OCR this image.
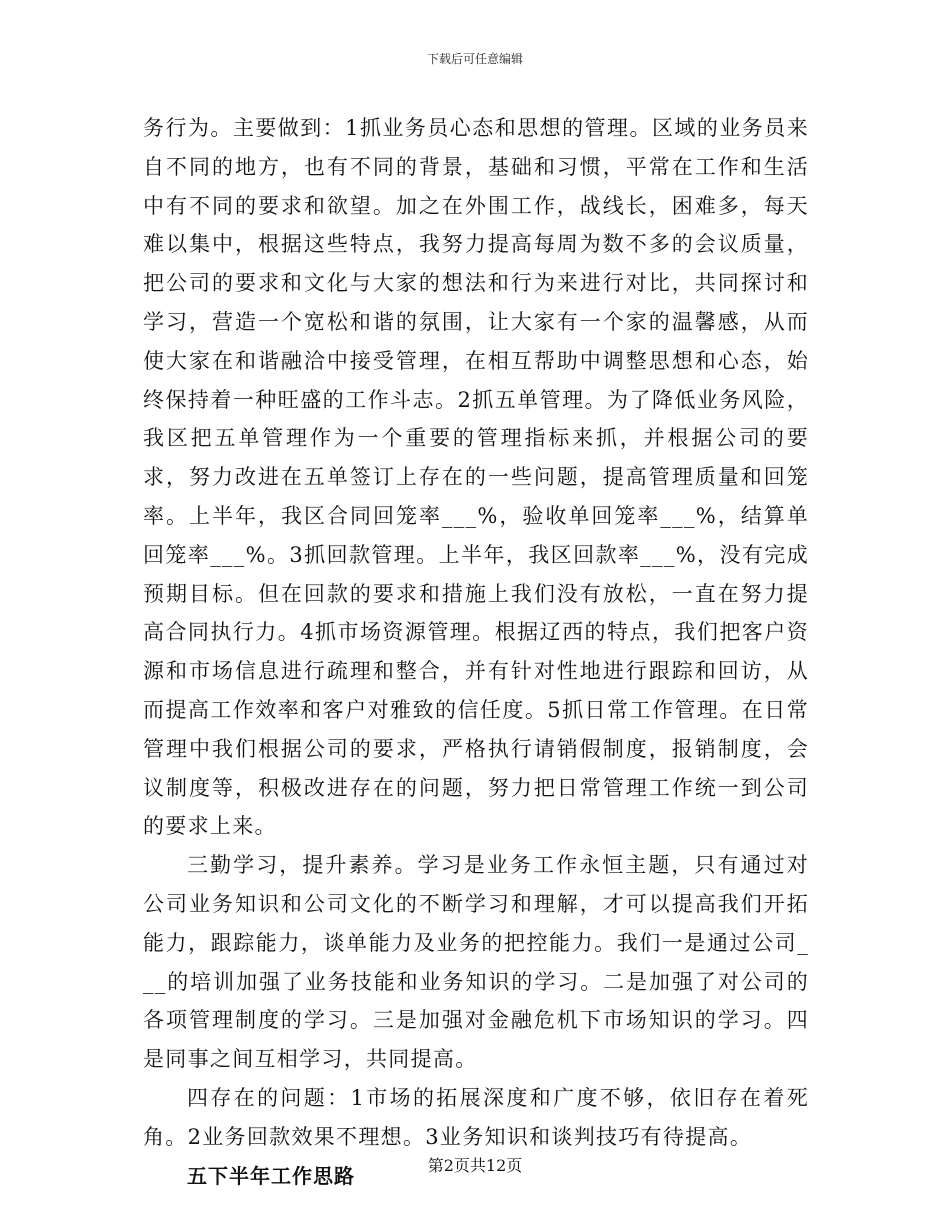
下载后可任意编辑

务行为。主要做到：1抓业务员心态和思想的管理。区域的业务员来自不同的地方，也有不同的背景，基础和习惯，平常在工作和生活中有不同的要求和欲望。加之在外围工作，战线长，困难多，每天难以集中，根据这些特点，我努力提高每周为数不多的会议质量，把公司的要求和文化与大家的想法和行为来进行对比，共同探讨和学习，营造一个宽松和谐的氛围，让大家有一个家的温馨感，从而使大家在和谐融洽中接受管理，在相互帮助中调整思想和心态，始终保持着一种旺盛的工作斗志。2抓五单管理。为了降低业务风险，我区把五单管理作为一个重要的管理指标来抓，并根据公司的要求，努力改进在五单签订上存在的一些问题，提高管理质量和回笼率。上半年，我区合同回笼率___%，验收单回笼率___%，结算单回笼率___%。3抓回款管理。上半年，我区回款率___%，没有完成预期目标。但在回款的要求和措施上我们没有放松，一直在努力提高合同执行力。4抓市场资源管理。根据辽西的特点，我们把客户资源和市场信息进行疏理和整合，并有针对性地进行跟踪和回访，从而提高工作效率和客户对雅致的信任度。5抓日常工作管理。在日常管理中我们根据公司的要求，严格执行请销假制度，报销制度，会议制度等，积极改进存在的问题，努力把日常管理工作统一到公司的要求上来。

三勤学习，提升素养。学习是业务工作永恒主题，只有通过对公司业务知识和公司文化的不断学习和理解，才可以提高我们开拓能力，跟踪能力，谈单能力及业务的把控能力。我们一是通过公司___的培训加强了业务技能和业务知识的学习。二是加强了对公司的各项管理制度的学习。三是加强对金融危机下市场知识的学习。四是同事之间互相学习，共同提高。

四存在的问题：1市场的拓展深度和广度不够，依旧存在着死角。2业务回款效果不理想。3业务知识和谈判技巧有待提高。

五下半年工作思路	第2页共12页
